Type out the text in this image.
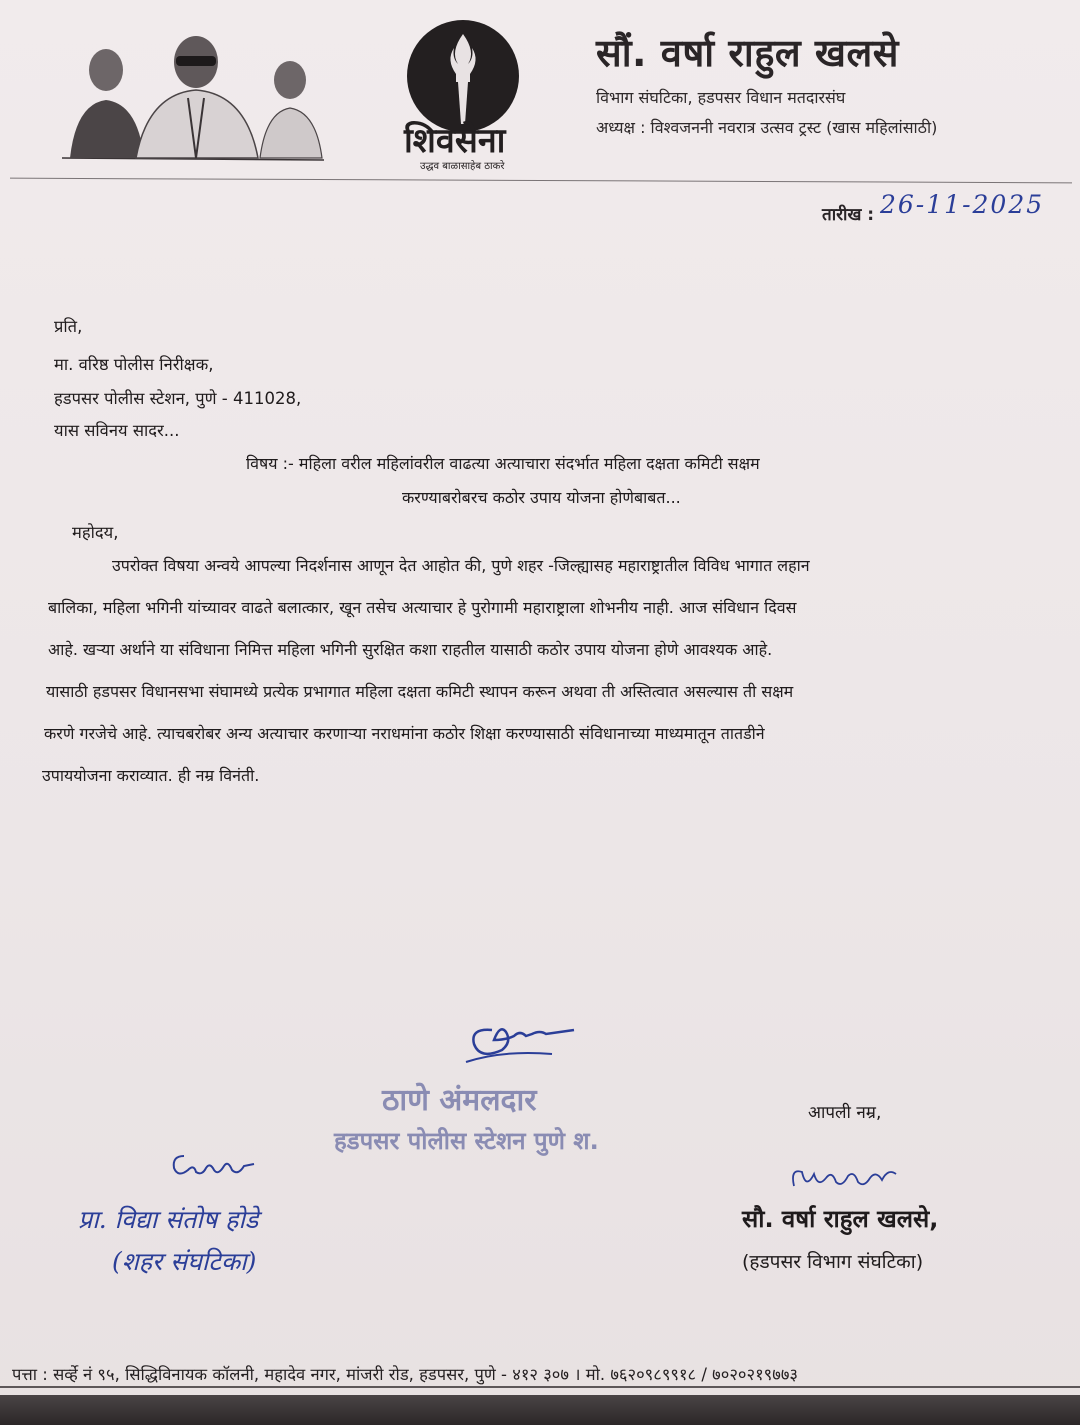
शिवसेना
उद्धव बाळासाहेब ठाकरे
सौं. वर्षा राहुल खलसे
विभाग संघटिका, हडपसर विधान मतदारसंघ
अध्यक्ष : विश्वजननी नवरात्र उत्सव ट्रस्ट (खास महिलांसाठी)
तारीख : 26-11-2025
प्रति,
मा. वरिष्ठ पोलीस निरीक्षक,
हडपसर पोलीस स्टेशन, पुणे - 411028,
यास सविनय सादर...
विषय :- महिला वरील महिलांवरील वाढत्या अत्याचारा संदर्भात महिला दक्षता कमिटी सक्षम
करण्याबरोबरच कठोर उपाय योजना होणेबाबत...
महोदय,
उपरोक्त विषया अन्वये आपल्या निदर्शनास आणून देत आहोत की, पुणे शहर -जिल्ह्यासह महाराष्ट्रातील विविध भागात लहान
बालिका, महिला भगिनी यांच्यावर वाढते बलात्कार, खून तसेच अत्याचार हे पुरोगामी महाराष्ट्राला शोभनीय नाही. आज संविधान दिवस
आहे. खऱ्या अर्थाने या संविधाना निमित्त महिला भगिनी सुरक्षित कशा राहतील यासाठी कठोर उपाय योजना होणे आवश्यक आहे.
यासाठी हडपसर विधानसभा संघामध्ये प्रत्येक प्रभागात महिला दक्षता कमिटी स्थापन करून अथवा ती अस्तित्वात असल्यास ती सक्षम
करणे गरजेचे आहे. त्याचबरोबर अन्य अत्याचार करणाऱ्या नराधमांना कठोर शिक्षा करण्यासाठी संविधानाच्या माध्यमातून तातडीने
उपाययोजना कराव्यात. ही नम्र विनंती.
ठाणे अंमलदार
हडपसर पोलीस स्टेशन पुणे श.
प्रा. विद्या संतोष होडे
(शहर संघटिका)
आपली नम्र,
सौ. वर्षा राहुल खलसे,
(हडपसर विभाग संघटिका)
पत्ता : सर्व्हे नं ९५, सिद्धिविनायक कॉलनी, महादेव नगर, मांजरी रोड, हडपसर, पुणे - ४१२ ३०७ । मो. ७६२०९८९९१८ / ७०२०२१९७७३
